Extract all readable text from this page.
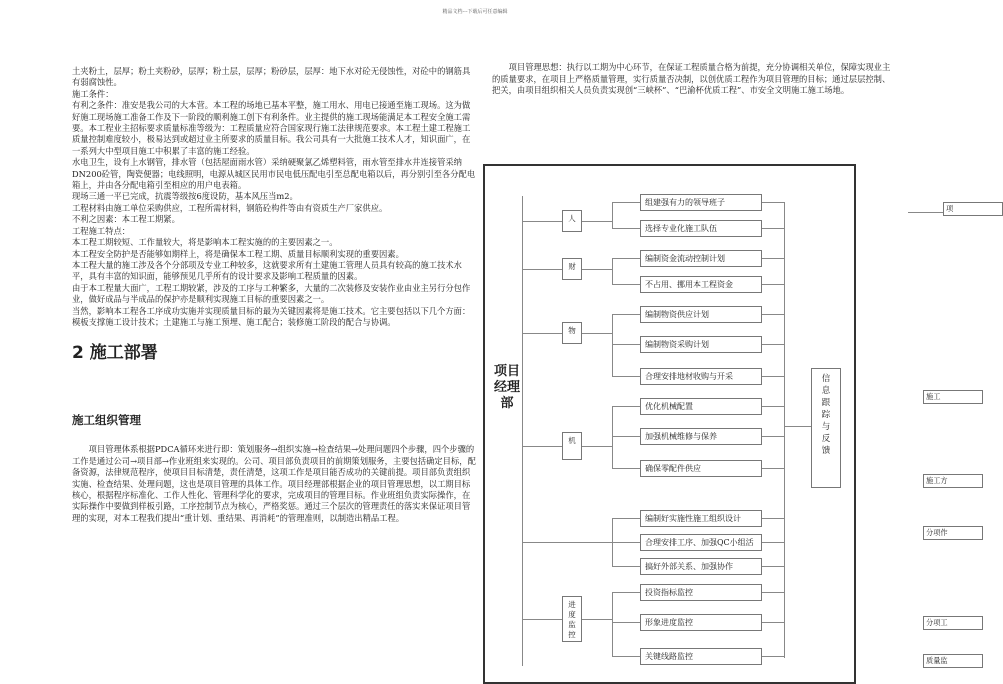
精品文档---下载后可任意编辑

土夹粉土，层厚；粉土夹粉砂，层厚；粉土层，层厚；粉砂层，层厚：地下水对砼无侵蚀性，对砼中的钢筋具有弱腐蚀性。

施工条件：

有利之条件：准安是我公司的大本营。本工程的场地已基本平整，施工用水、用电已接通至施工现场。这为做好施工现场施工准备工作及下一阶段的顺利施工创下有利条件。业主提供的施工现场能满足本工程安全施工需要。本工程业主招标要求质量标准等级为：工程质量应符合国家现行施工法律规范要求。本工程土建工程施工质量控制难度较小，极易达到或超过业主所要求的质量目标。我公司具有一大批施工技术人才，知识面广，在一系列大中型项目施工中积累了丰富的施工经验。

水电卫生，设有上水钢管，排水管（包括屋面雨水管）采纳硬聚氯乙烯塑料管，雨水管至排水井连接管采纳DN200砼管，陶瓷便器；电线照明，电源从城区民用市民电低压配电引至总配电箱以后，再分别引至各分配电箱上，并由各分配电箱引至相应的用户电表箱。

现场三通一平已完成，抗震等级按6度设防，基本风压当m2。

工程材料由施工单位采购供应，工程所需材料，钢筋砼构件等由有资质生产厂家供应。

不利之因素：本工程工期紧。

工程施工特点：

本工程工期较短、工作量较大，将是影响本工程实施的的主要因素之一。

本工程安全防护是否能够如期样上，将是确保本工程工期、质量目标顺利实现的重要因素。

本工程大量的施工涉及各个分部项及专业工种较多，这就要求所有土建施工管理人员具有较高的施工技术水平，具有丰富的知识面，能够预见几乎所有的设计要求及影响工程质量的因素。

由于本工程量大面广，工程工期较紧，涉及的工序与工种繁多，大量的二次装修及安装作业由业主另行分包作业，做好成品与半成品的保护亦是顺利实现施工目标的重要因素之一。

当然，影响本工程各工序成功实施并实现质量目标的最为关键因素将是施工技术。它主要包括以下几个方面：模板支撑施工设计技术；土建施工与施工预埋、施工配合；装修施工阶段的配合与协调。

2 施工部署

施工组织管理

项目管理体系根据PDCA循环来进行即：策划服务→组织实施→检查结果→处理问题四个步骤，四个步骤的工作是通过公司→项目部→作业班组来实现的。公司、项目部负责项目的前期策划服务，主要包括确定目标，配备资源，法律规范程序，使项目目标清楚，责任清楚，这项工作是项目能否成功的关键前提。项目部负责组织实施、检查结果、处理问题，这也是项目管理的具体工作。项目经理部根据企业的项目管理思想，以工期目标核心，根据程序标准化、工作人性化、管理科学化的要求，完成项目的管理目标。作业班组负责实际操作，在实际操作中要做到样板引路，工序控制节点为核心，严格奖惩。通过三个层次的管理责任的落实来保证项目管理的实现，对本工程我们提出“重计划、重结果、再消耗”的管理准则，以制造出精品工程。

项目管理思想：执行以工期为中心环节，在保证工程质量合格为前提，充分协调相关单位，保障实现业主的质量要求，在项目上严格质量管理，实行质量否决制，以创优质工程作为项目管理的目标；通过层层控制、把关，由项目组织相关人员负责实现创“三峡杯”、“巴渝杯优质工程”、市安全文明施工施工场地。

项目经理部
信息跟踪与反馈
人
财
物
机
进度监控
组建强有力的领导班子
选择专业化施工队伍
编制资金流动控制计划
不占用、挪用本工程资金
编制物资供应计划
编制物资采购计划
合理安排地材收购与开采
优化机械配置
加强机械维修与保养
确保零配件供应
编制好实施性施工组织设计
合理安排工序、加强QC小组活
搞好外部关系、加强协作
投资指标监控
形象进度监控
关键线路监控
项
施工
施工方
分项作
分项工
质量监
